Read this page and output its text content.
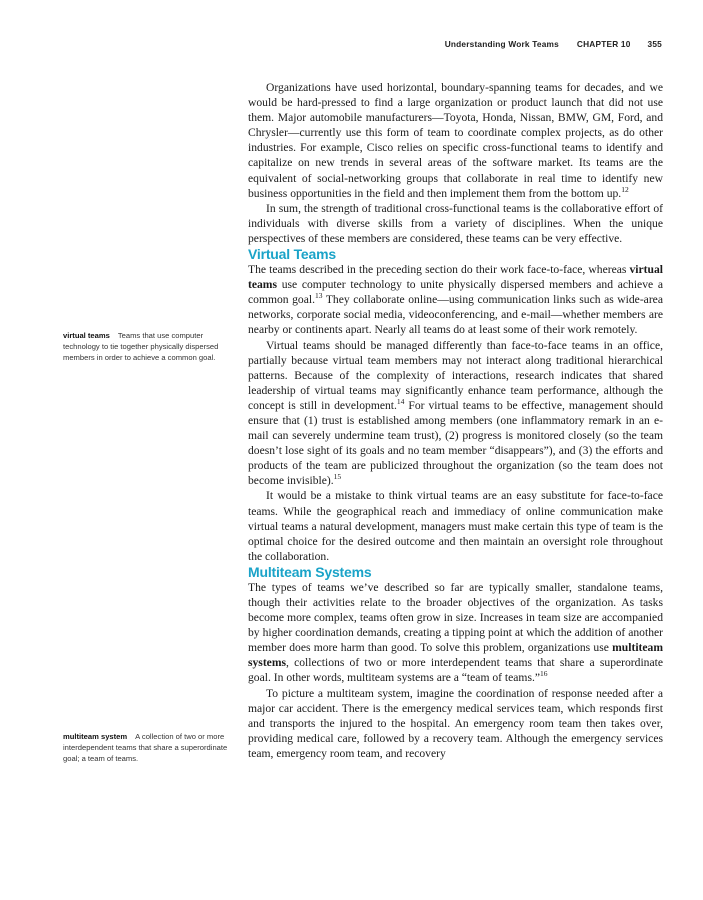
Understanding Work Teams CHAPTER 10 355
virtual teams Teams that use computer technology to tie together physically dispersed members in order to achieve a common goal.
multiteam system A collection of two or more interdependent teams that share a superordinate goal; a team of teams.

Organizations have used horizontal, boundary-spanning teams for decades, and we would be hard-pressed to find a large organization or product launch that did not use them. Major automobile manufacturers—Toyota, Honda, Nissan, BMW, GM, Ford, and Chrysler—currently use this form of team to coordinate complex projects, as do other industries. For example, Cisco relies on specific cross-functional teams to identify and capitalize on new trends in several areas of the software market. Its teams are the equivalent of social-networking groups that collaborate in real time to identify new business opportunities in the field and then implement them from the bottom up.$^{12}$

In sum, the strength of traditional cross-functional teams is the collaborative effort of individuals with diverse skills from a variety of disciplines. When the unique perspectives of these members are considered, these teams can be very effective.

Virtual Teams

The teams described in the preceding section do their work face-to-face, whereas virtual teams use computer technology to unite physically dispersed members and achieve a common goal.$^{13}$ They collaborate online—using communication links such as wide-area networks, corporate social media, videoconferencing, and e-mail—whether members are nearby or continents apart. Nearly all teams do at least some of their work remotely.

Virtual teams should be managed differently than face-to-face teams in an office, partially because virtual team members may not interact along traditional hierarchical patterns. Because of the complexity of interactions, research indicates that shared leadership of virtual teams may significantly enhance team performance, although the concept is still in development.$^{14}$ For virtual teams to be effective, management should ensure that (1) trust is established among members (one inflammatory remark in an e-mail can severely undermine team trust), (2) progress is monitored closely (so the team doesn’t lose sight of its goals and no team member “disappears”), and (3) the efforts and products of the team are publicized throughout the organization (so the team does not become invisible).$^{15}$

It would be a mistake to think virtual teams are an easy substitute for face-to-face teams. While the geographical reach and immediacy of online communication make virtual teams a natural development, managers must make certain this type of team is the optimal choice for the desired outcome and then maintain an oversight role throughout the collaboration.

Multiteam Systems

The types of teams we’ve described so far are typically smaller, standalone teams, though their activities relate to the broader objectives of the organization. As tasks become more complex, teams often grow in size. Increases in team size are accompanied by higher coordination demands, creating a tipping point at which the addition of another member does more harm than good. To solve this problem, organizations use multiteam systems, collections of two or more interdependent teams that share a superordinate goal. In other words, multiteam systems are a “team of teams.”$^{16}$

To picture a multiteam system, imagine the coordination of response needed after a major car accident. There is the emergency medical services team, which responds first and transports the injured to the hospital. An emergency room team then takes over, providing medical care, followed by a recovery team. Although the emergency services team, emergency room team, and recovery
